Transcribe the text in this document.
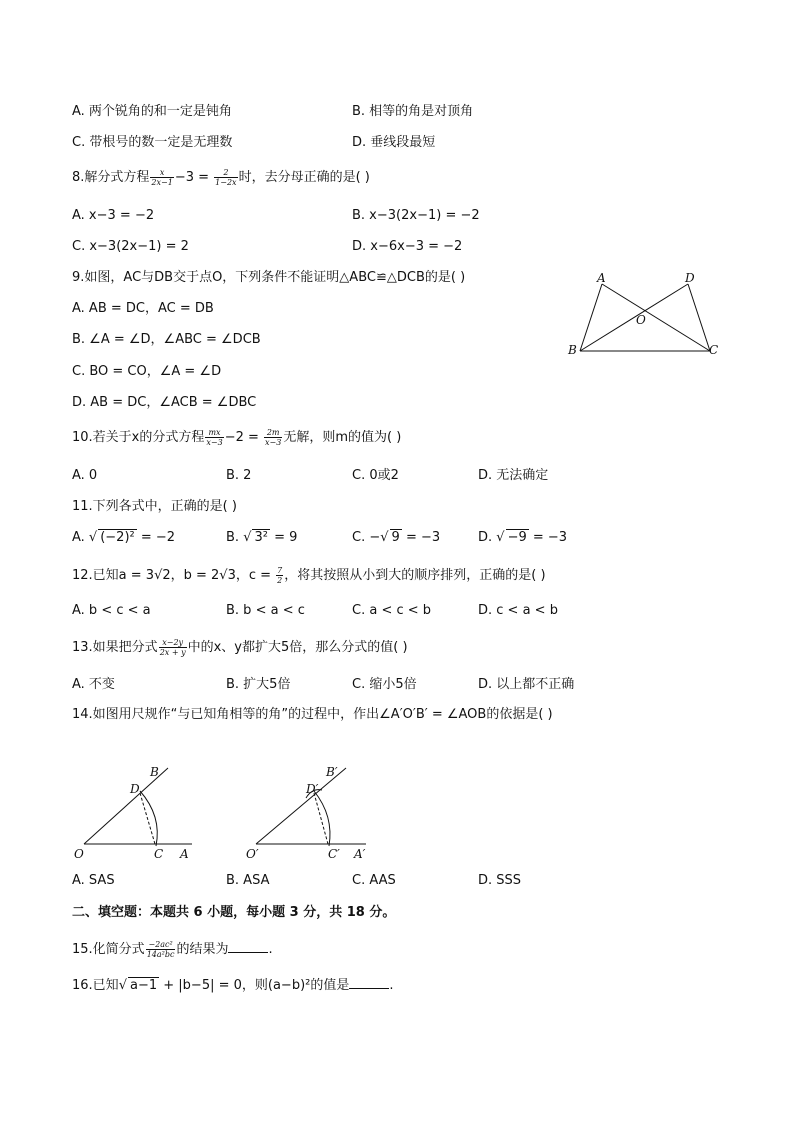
A. 两个锐角的和一定是钝角	B. 相等的角是对顶角
C. 带根号的数一定是无理数	D. 垂线段最短
8.解分式方程 $\frac{x}{2x-1} -3 = \frac{2}{1-2x}$ 时，去分母正确的是( )
A. x−3 = −2	B. x−3(2x−1) = −2
C. x−3(2x−1) = 2	D. x−6x−3 = −2
9.如图，AC与DB交于点O，下列条件不能证明△ABC≌△DCB的是( )
A. AB = DC，AC = DB
B. ∠A = ∠D，∠ABC = ∠DCB
C. BO = CO，∠A = ∠D
D. AB = DC，∠ACB = ∠DBC
A	D
O
B	C
10.若关于x的分式方程 $\frac{mx}{x-3} -2 = \frac{2m}{x-3}$ 无解，则m的值为( )
A. 0	B. 2	C. 0或2	D. 无法确定
11.下列各式中，正确的是( )
A. √ (−2)² = −2	B. √ 3² = 9	C. −√ 9 = −3	D. √ −9 = −3
12.已知a = 3√2，b = 2√3，$c = \frac{7}{2}$ ，将其按照从小到大的顺序排列，正确的是( )
A. b < c < a	B. b < a < c	C. a < c < b	D. c < a < b
13.如果把分式 $\frac{x-2y}{2x + y}$ 中的x、y都扩大5倍，那么分式的值( )
A. 不变	B. 扩大5倍	C. 缩小5倍	D. 以上都不正确
14.如图用尺规作“与已知角相等的角”的过程中，作出∠A′O′B′ = ∠AOB的依据是( )
O	C A
D
B
O′	C′ A′
D′
B′
A. SAS	B. ASA	C. AAS	D. SSS
二、填空题：本题共 6 小题，每小题 3 分，共 18 分。
15.化简分式 $\frac{\text{−2ac²}}{\text{14a²bc}}$ 的结果为	.
16.已知√ a−1 + |b−5| = 0，则(a−b)²的值是	.
